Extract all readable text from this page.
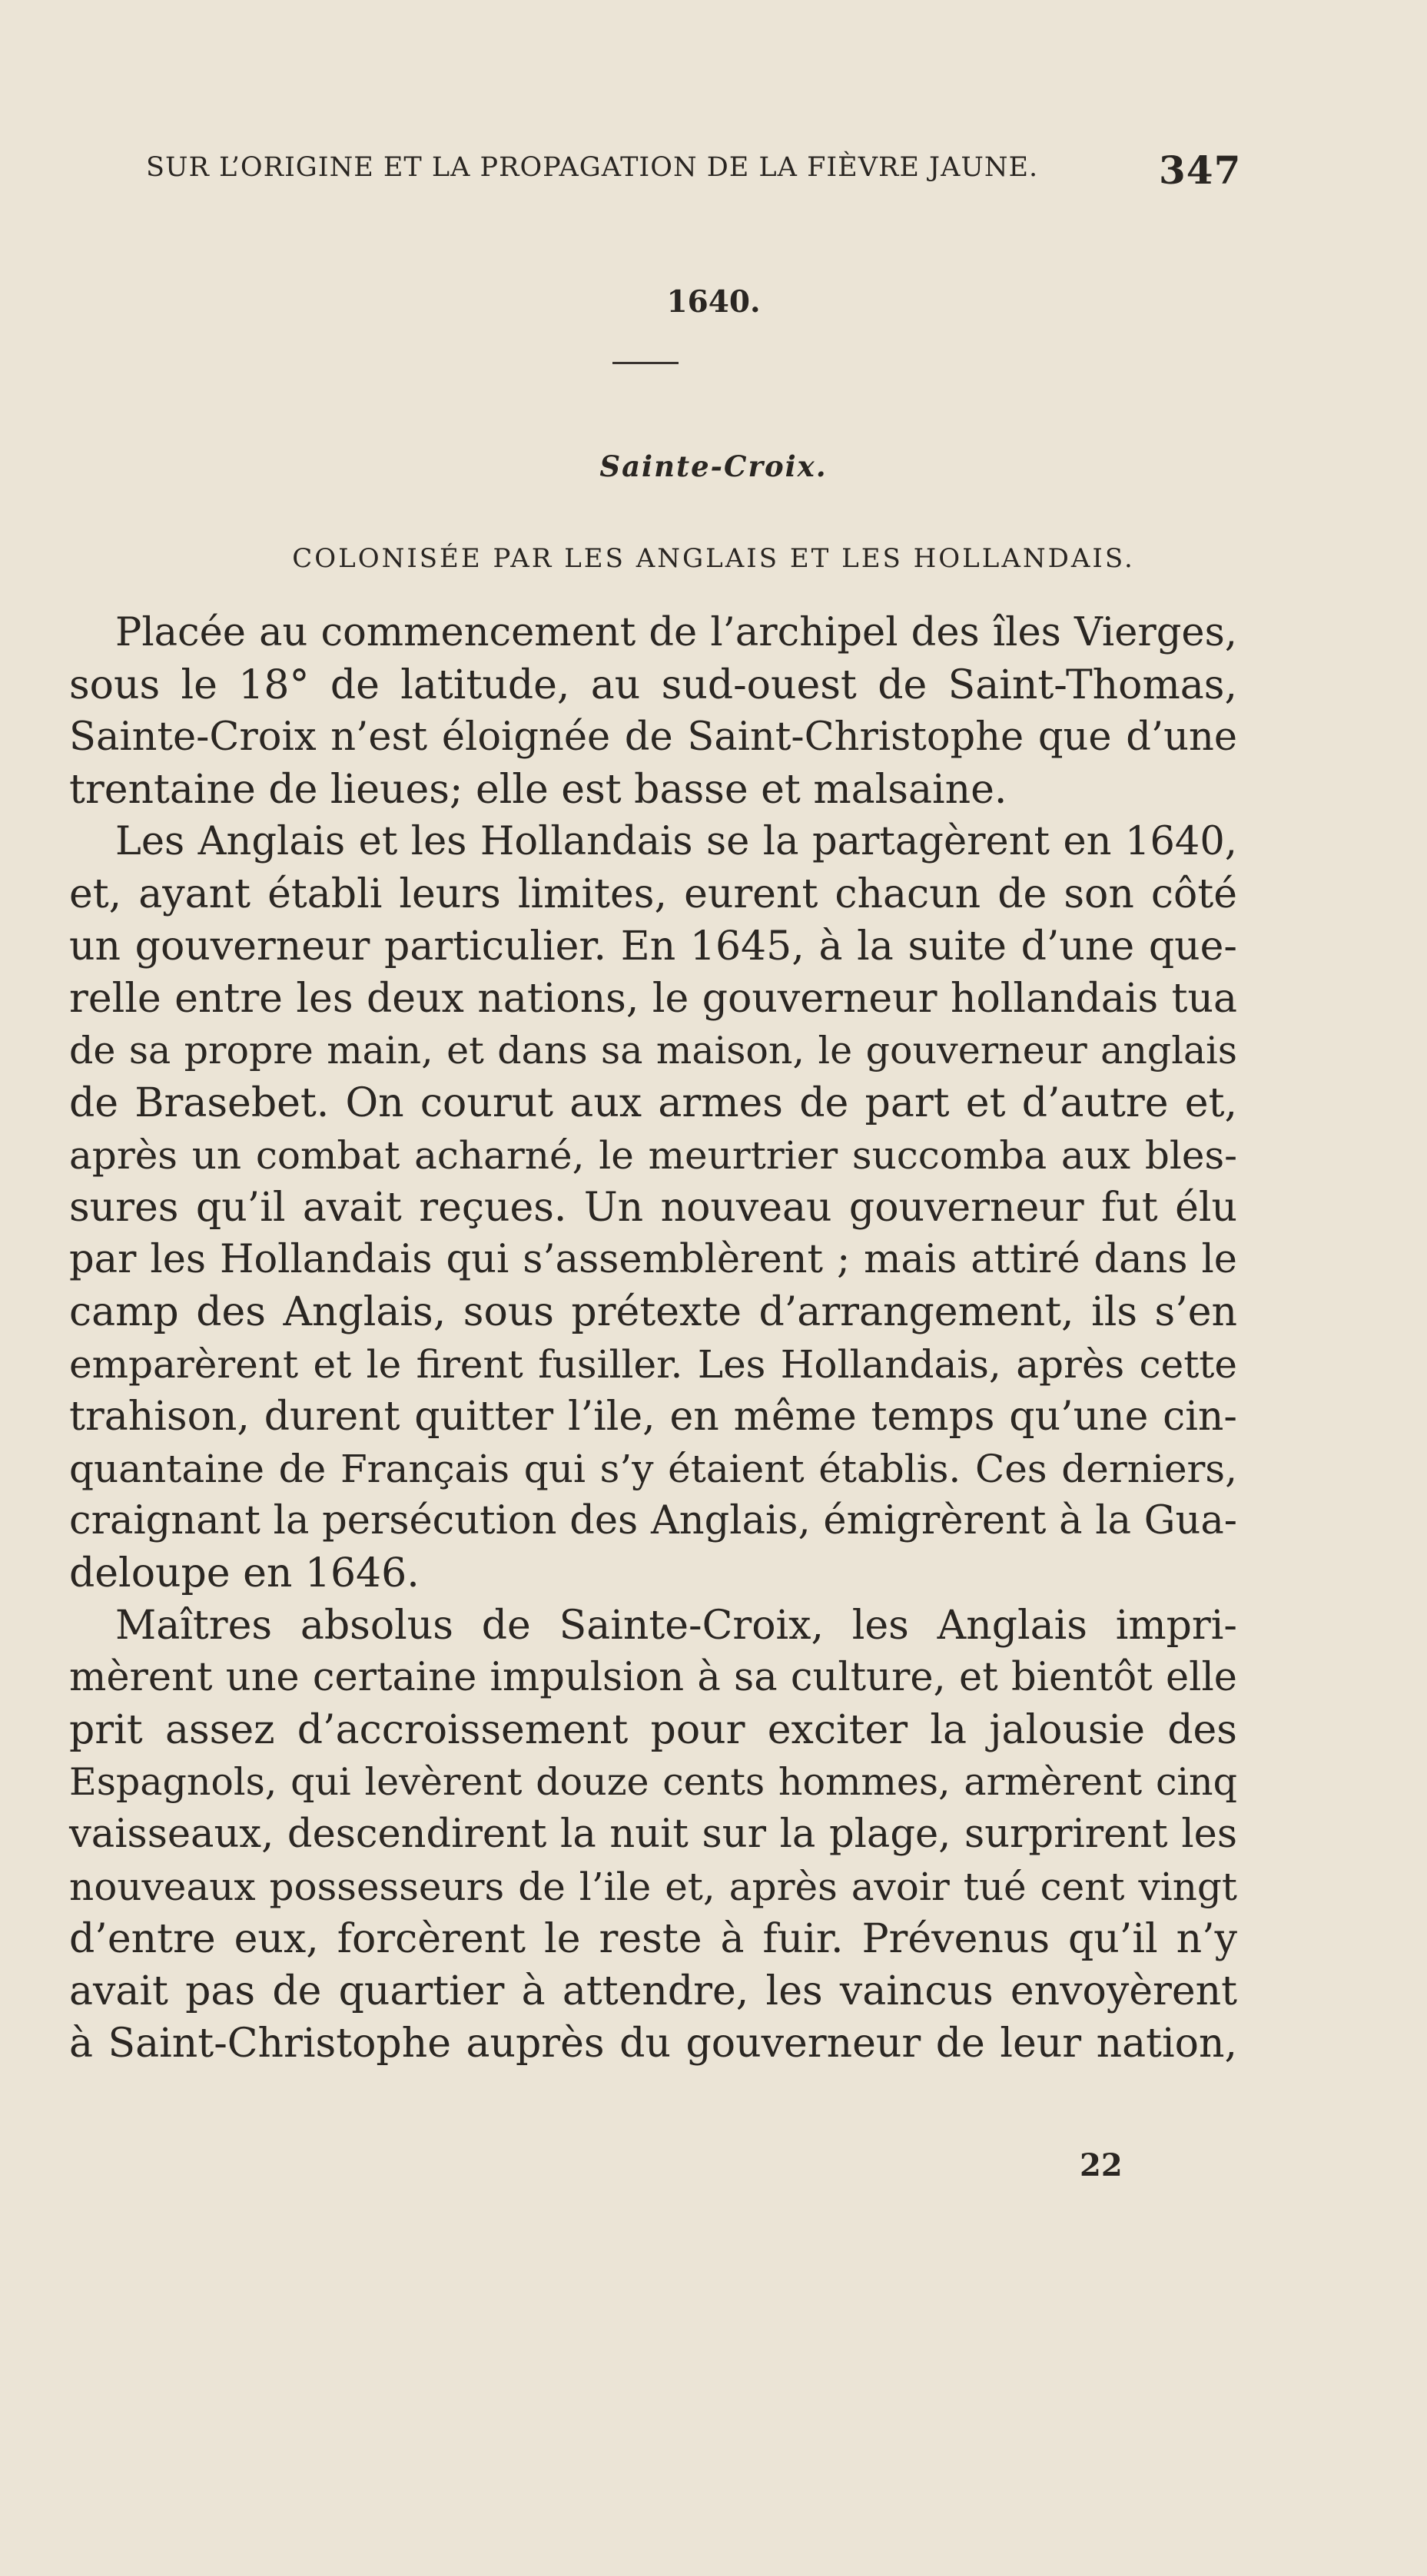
SUR L’ORIGINE ET LA PROPAGATION DE LA FIÈVRE JAUNE.	347
1640.
Sainte-Croix.
COLONISÉE PAR LES ANGLAIS ET LES HOLLANDAIS.
Placée au commencement de l’archipel des îles Vierges,
sous le 18° de latitude, au sud-ouest de Saint-Thomas,
Sainte-Croix n’est éloignée de Saint-Christophe que d’une
trentaine de lieues; elle est basse et malsaine.
Les Anglais et les Hollandais se la partagèrent en 1640,
et, ayant établi leurs limites, eurent chacun de son côté
un gouverneur particulier. En 1645, à la suite d’une que-
relle entre les deux nations, le gouverneur hollandais tua
de sa propre main, et dans sa maison, le gouverneur anglais
de Brasebet. On courut aux armes de part et d’autre et,
après un combat acharné, le meurtrier succomba aux bles-
sures qu’il avait reçues. Un nouveau gouverneur fut élu
par les Hollandais qui s’assemblèrent ; mais attiré dans le
camp des Anglais, sous prétexte d’arrangement, ils s’en
emparèrent et le firent fusiller. Les Hollandais, après cette
trahison, durent quitter l’ile, en même temps qu’une cin-
quantaine de Français qui s’y étaient établis. Ces derniers,
craignant la persécution des Anglais, émigrèrent à la Gua-
deloupe en 1646.
Maîtres absolus de Sainte-Croix, les Anglais impri-
mèrent une certaine impulsion à sa culture, et bientôt elle
prit assez d’accroissement pour exciter la jalousie des
Espagnols, qui levèrent douze cents hommes, armèrent cinq
vaisseaux, descendirent la nuit sur la plage, surprirent les
nouveaux possesseurs de l’ile et, après avoir tué cent vingt
d’entre eux, forcèrent le reste à fuir. Prévenus qu’il n’y
avait pas de quartier à attendre, les vaincus envoyèrent
à Saint-Christophe auprès du gouverneur de leur nation,
22
